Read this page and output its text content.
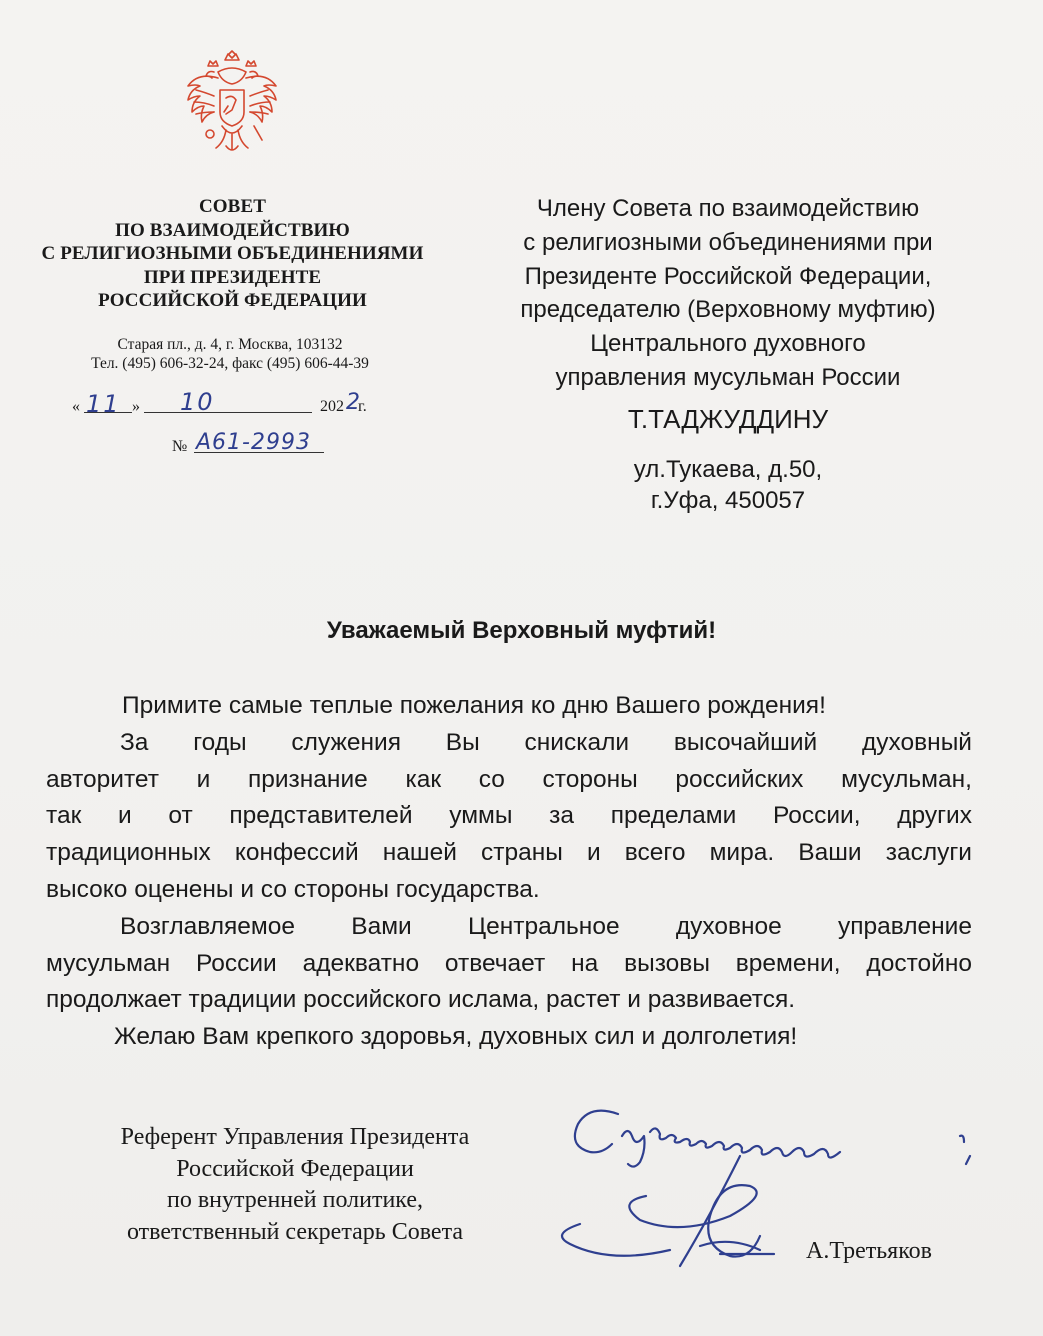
СОВЕТ
ПО ВЗАИМОДЕЙСТВИЮ
С РЕЛИГИОЗНЫМИ ОБЪЕДИНЕНИЯМИ
ПРИ ПРЕЗИДЕНТЕ
РОССИЙСКОЙ ФЕДЕРАЦИИ
Старая пл., д. 4, г. Москва, 103132
Тел. (495) 606-32-24, факс (495) 606-44-39
« 11 » 10	202 2
г.
№ А61-2993
Члену Совета по взаимодействию
с религиозными объединениями при
Президенте Российской Федерации,
председателю (Верховному муфтию)
Центрального духовного
управления мусульман России
Т.ТАДЖУДДИНУ
ул.Тукаева, д.50,
г.Уфа, 450057
Уважаемый Верховный муфтий!
Примите самые теплые пожелания ко дню Вашего рождения!
За годы служения Вы снискали высочайший духовный
авторитет и признание как со стороны российских мусульман,
так и от представителей уммы за пределами России, других
традиционных конфессий нашей страны и всего мира. Ваши заслуги
высоко оценены и со стороны государства.
Возглавляемое Вами Центральное духовное управление
мусульман России адекватно отвечает на вызовы времени, достойно
продолжает традиции российского ислама, растет и развивается.
Желаю Вам крепкого здоровья, духовных сил и долголетия!
Референт Управления Президента
Российской Федерации
по внутренней политике,
ответственный секретарь Совета
С уважением,
А.Третьяков
